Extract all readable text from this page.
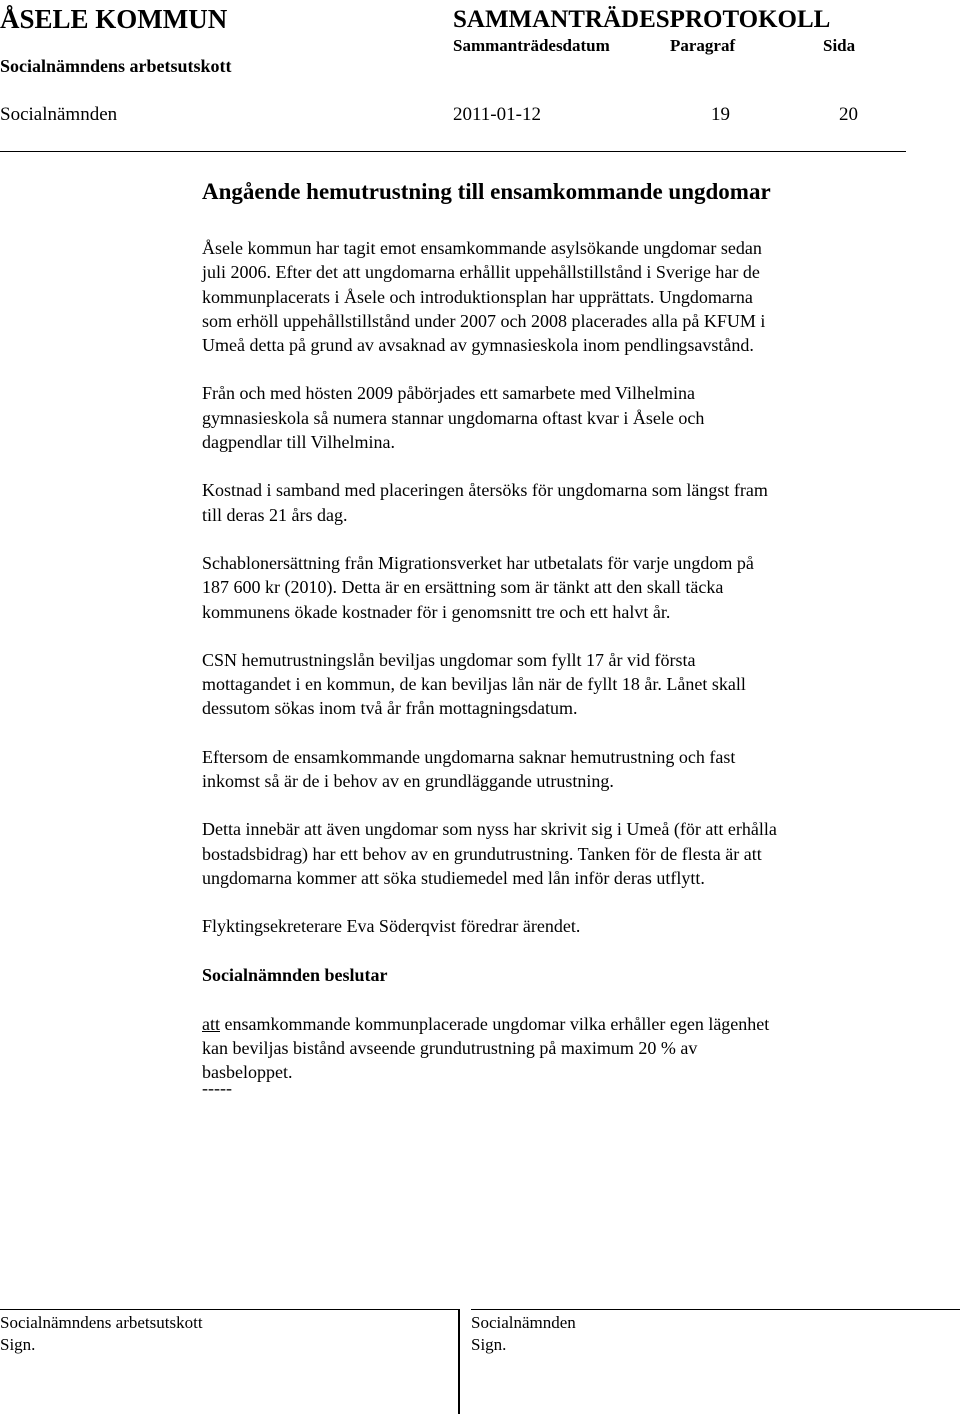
ÅSELE KOMMUN	SAMMANTRÄDESPROTOKOLL
Sammanträdesdatum	Paragraf	Sida
Socialnämndens arbetsutskott
Socialnämnden	2011-01-12	19	20
Angående hemutrustning till ensamkommande ungdomar
Åsele kommun har tagit emot ensamkommande asylsökande ungdomar sedan
juli 2006. Efter det att ungdomarna erhållit uppehållstillstånd i Sverige har de
kommunplacerats i Åsele och introduktionsplan har upprättats. Ungdomarna
som erhöll uppehållstillstånd under 2007 och 2008 placerades alla på KFUM i
Umeå detta på grund av avsaknad av gymnasieskola inom pendlingsavstånd.
Från och med hösten 2009 påbörjades ett samarbete med Vilhelmina
gymnasieskola så numera stannar ungdomarna oftast kvar i Åsele och
dagpendlar till Vilhelmina.
Kostnad i samband med placeringen återsöks för ungdomarna som längst fram
till deras 21 års dag.
Schablonersättning från Migrationsverket har utbetalats för varje ungdom på
187 600 kr (2010). Detta är en ersättning som är tänkt att den skall täcka
kommunens ökade kostnader för i genomsnitt tre och ett halvt år.
CSN hemutrustningslån beviljas ungdomar som fyllt 17 år vid första
mottagandet i en kommun, de kan beviljas lån när de fyllt 18 år. Lånet skall
dessutom sökas inom två år från mottagningsdatum.
Eftersom de ensamkommande ungdomarna saknar hemutrustning och fast
inkomst så är de i behov av en grundläggande utrustning.
Detta innebär att även ungdomar som nyss har skrivit sig i Umeå (för att erhålla
bostadsbidrag) har ett behov av en grundutrustning. Tanken för de flesta är att
ungdomarna kommer att söka studiemedel med lån inför deras utflytt.
Flyktingsekreterare Eva Söderqvist föredrar ärendet.
Socialnämnden beslutar
att ensamkommande kommunplacerade ungdomar vilka erhåller egen lägenhet
kan beviljas bistånd avseende grundutrustning på maximum 20 % av
basbeloppet.
-----
Socialnämndens arbetsutskott
Sign.
Socialnämnden
Sign.
